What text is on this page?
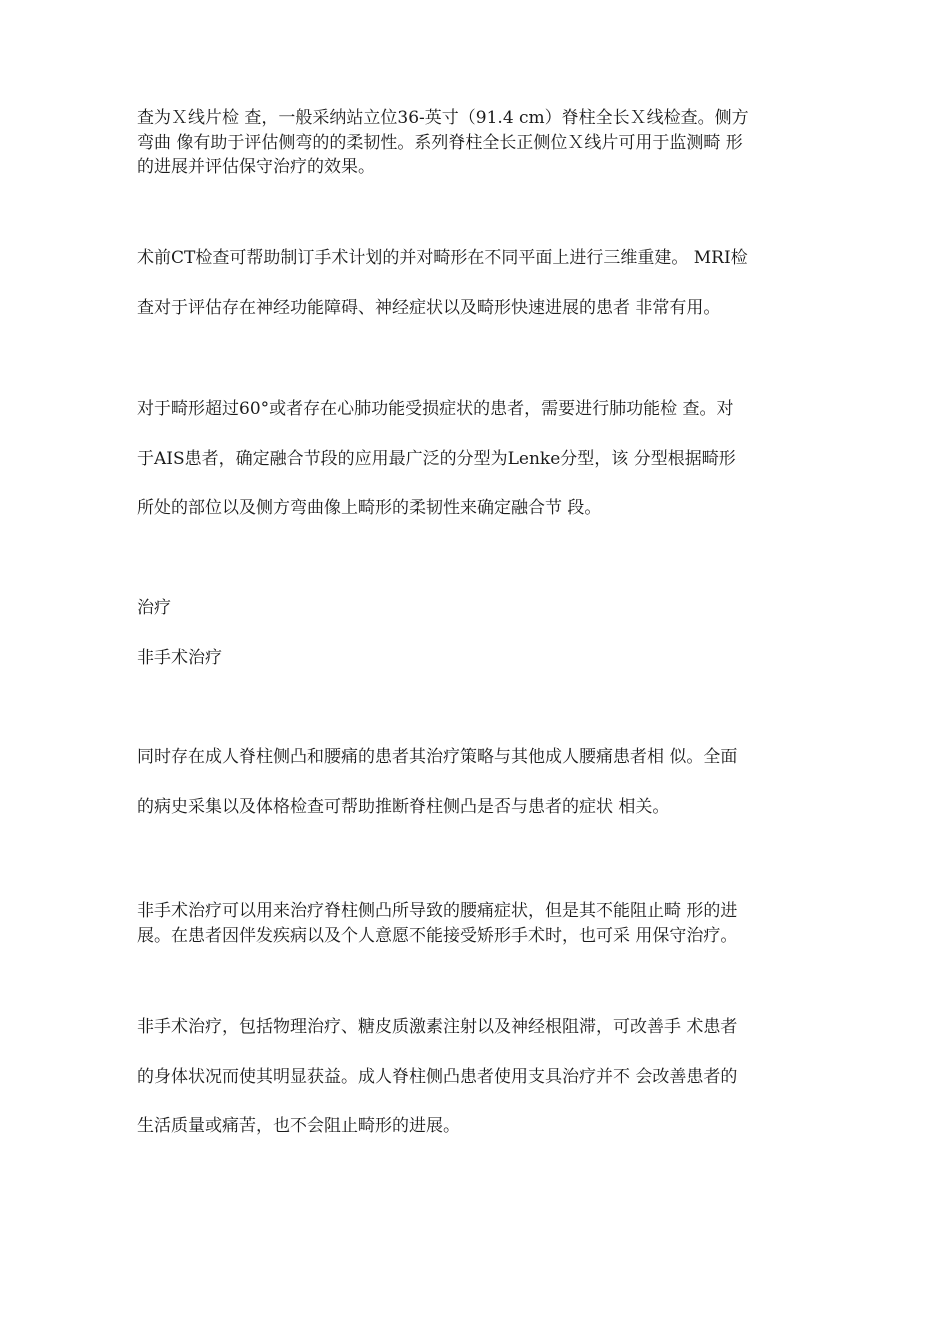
查为Ｘ线片检 查，一般采纳站立位36-英寸（91.4 cm）脊柱全长Ｘ线检查。侧方
弯曲 像有助于评估侧弯的的柔韧性。系列脊柱全长正侧位Ｘ线片可用于监测畸 形
的进展并评估保守治疗的效果。
术前CT检查可帮助制订手术计划的并对畸形在不同平面上进行三维重建。 MRI检
查对于评估存在神经功能障碍、神经症状以及畸形快速进展的患者 非常有用。
对于畸形超过60°或者存在心肺功能受损症状的患者，需要进行肺功能检 查。对
于AIS患者，确定融合节段的应用最广泛的分型为Lenke分型，该 分型根据畸形
所处的部位以及侧方弯曲像上畸形的柔韧性来确定融合节 段。
治疗
非手术治疗
同时存在成人脊柱侧凸和腰痛的患者其治疗策略与其他成人腰痛患者相 似。全面
的病史采集以及体格检查可帮助推断脊柱侧凸是否与患者的症状 相关。
非手术治疗可以用来治疗脊柱侧凸所导致的腰痛症状，但是其不能阻止畸 形的进
展。在患者因伴发疾病以及个人意愿不能接受矫形手术时，也可采 用保守治疗。
非手术治疗，包括物理治疗、糖皮质激素注射以及神经根阻滞，可改善手 术患者
的身体状况而使其明显获益。成人脊柱侧凸患者使用支具治疗并不 会改善患者的
生活质量或痛苦，也不会阻止畸形的进展。
